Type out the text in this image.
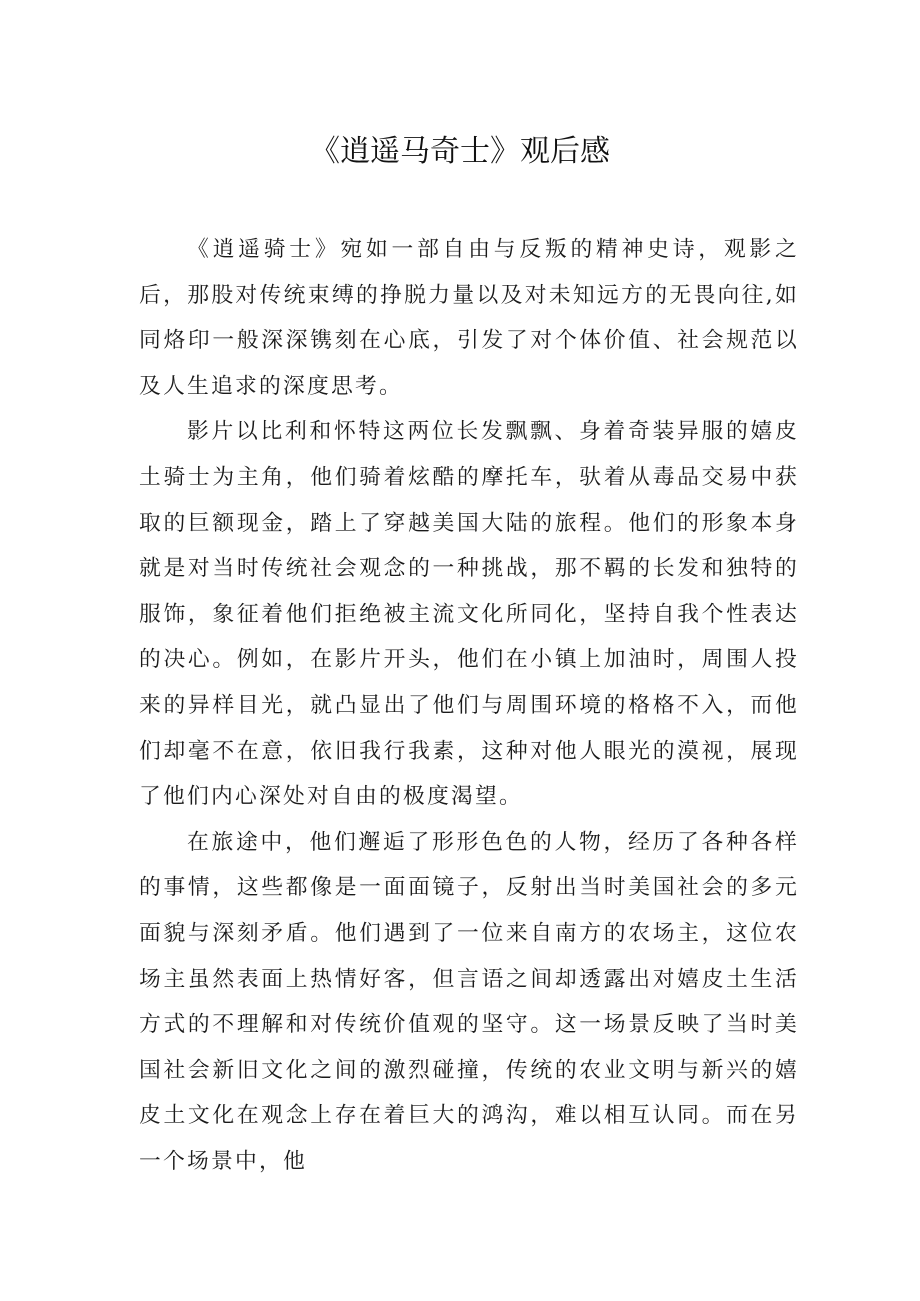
《逍遥马奇士》观后感

《逍遥骑士》宛如一部自由与反叛的精神史诗，观影之后，那股对传统束缚的挣脱力量以及对未知远方的无畏向往,如同烙印一般深深镌刻在心底，引发了对个体价值、社会规范以及人生追求的深度思考。

影片以比利和怀特这两位长发飘飘、身着奇装异服的嬉皮土骑士为主角，他们骑着炫酷的摩托车，驮着从毒品交易中获取的巨额现金，踏上了穿越美国大陆的旅程。他们的形象本身就是对当时传统社会观念的一种挑战，那不羁的长发和独特的服饰，象征着他们拒绝被主流文化所同化，坚持自我个性表达的决心。例如，在影片开头，他们在小镇上加油时，周围人投来的异样目光，就凸显出了他们与周围环境的格格不入，而他们却毫不在意，依旧我行我素，这种对他人眼光的漠视，展现了他们内心深处对自由的极度渴望。

在旅途中，他们邂逅了形形色色的人物，经历了各种各样的事情，这些都像是一面面镜子，反射出当时美国社会的多元面貌与深刻矛盾。他们遇到了一位来自南方的农场主，这位农场主虽然表面上热情好客，但言语之间却透露出对嬉皮土生活方式的不理解和对传统价值观的坚守。这一场景反映了当时美国社会新旧文化之间的激烈碰撞，传统的农业文明与新兴的嬉皮土文化在观念上存在着巨大的鸿沟，难以相互认同。而在另一个场景中，他
